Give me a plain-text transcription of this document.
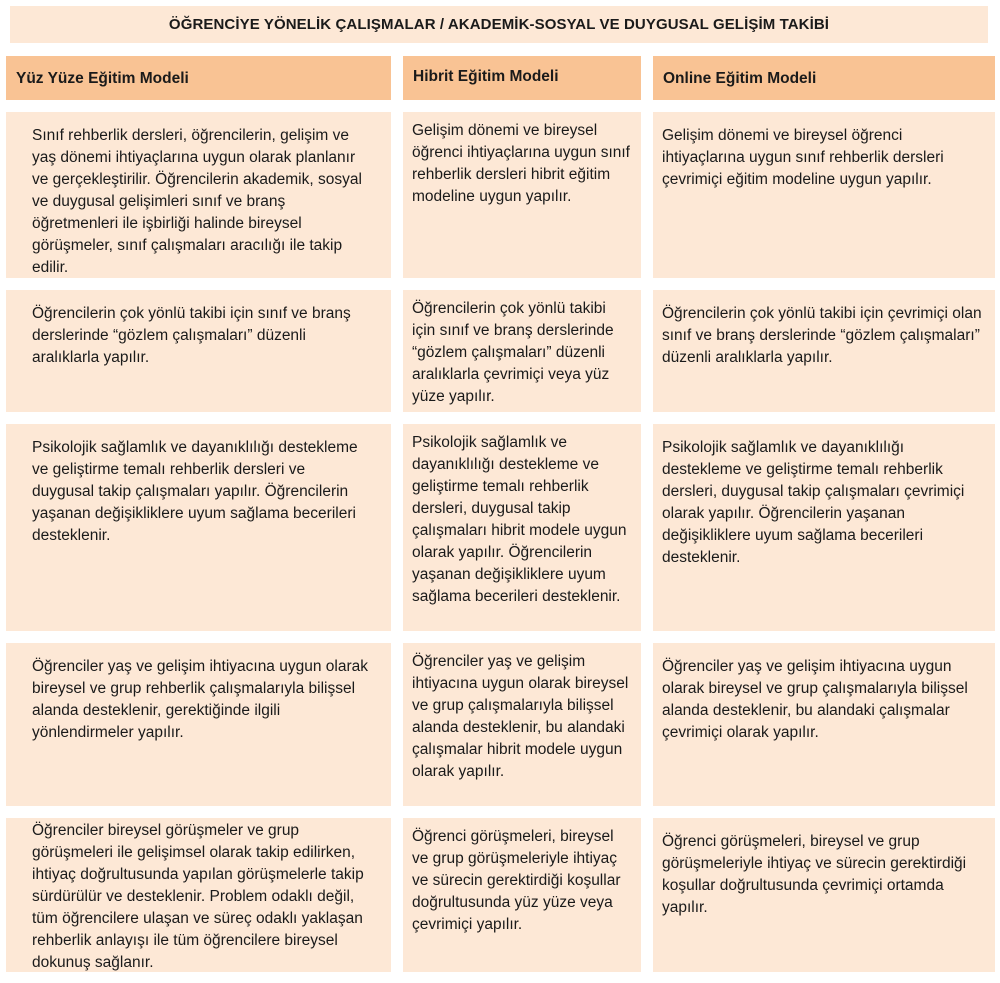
ÖĞRENCİYE YÖNELİK ÇALIŞMALAR / AKADEMİK-SOSYAL VE DUYGUSAL GELİŞİM TAKİBİ
Yüz Yüze Eğitim Modeli	Hibrit Eğitim Modeli	Online Eğitim Modeli

Sınıf rehberlik dersleri, öğrencilerin, gelişim ve yaş dönemi ihtiyaçlarına uygun olarak planlanır ve gerçekleştirilir. Öğrencilerin akademik, sosyal ve duygusal gelişimleri sınıf ve branş öğretmenleri ile işbirliği halinde bireysel görüşmeler, sınıf çalışmaları aracılığı ile takip edilir.

Gelişim dönemi ve bireysel öğrenci ihtiyaçlarına uygun sınıf rehberlik dersleri hibrit eğitim modeline uygun yapılır.

Gelişim dönemi ve bireysel öğrenci ihtiyaçlarına uygun sınıf rehberlik dersleri çevrimiçi eğitim modeline uygun yapılır.

Öğrencilerin çok yönlü takibi için sınıf ve branş derslerinde “gözlem çalışmaları” düzenli aralıklarla yapılır.

Öğrencilerin çok yönlü takibi için sınıf ve branş derslerinde “gözlem çalışmaları” düzenli aralıklarla çevrimiçi veya yüz yüze yapılır.

Öğrencilerin çok yönlü takibi için çevrimiçi olan sınıf ve branş derslerinde “gözlem çalışmaları” düzenli aralıklarla yapılır.

Psikolojik sağlamlık ve dayanıklılığı destekleme ve geliştirme temalı rehberlik dersleri ve duygusal takip çalışmaları yapılır. Öğrencilerin yaşanan değişikliklere uyum sağlama becerileri desteklenir.

Psikolojik sağlamlık ve dayanıklılığı destekleme ve geliştirme temalı rehberlik dersleri, duygusal takip çalışmaları hibrit modele uygun olarak yapılır. Öğrencilerin yaşanan değişikliklere uyum sağlama becerileri desteklenir.

Psikolojik sağlamlık ve dayanıklılığı destekleme ve geliştirme temalı rehberlik dersleri, duygusal takip çalışmaları çevrimiçi olarak yapılır. Öğrencilerin yaşanan değişikliklere uyum sağlama becerileri desteklenir.

Öğrenciler yaş ve gelişim ihtiyacına uygun olarak bireysel ve grup rehberlik çalışmalarıyla bilişsel alanda desteklenir, gerektiğinde ilgili yönlendirmeler yapılır.

Öğrenciler yaş ve gelişim ihtiyacına uygun olarak bireysel ve grup çalışmalarıyla bilişsel alanda desteklenir, bu alandaki çalışmalar hibrit modele uygun olarak yapılır.

Öğrenciler yaş ve gelişim ihtiyacına uygun olarak bireysel ve grup çalışmalarıyla bilişsel alanda desteklenir, bu alandaki çalışmalar çevrimiçi olarak yapılır.

Öğrenciler bireysel görüşmeler ve grup görüşmeleri ile gelişimsel olarak takip edilirken, ihtiyaç doğrultusunda yapılan görüşmelerle takip sürdürülür ve desteklenir. Problem odaklı değil, tüm öğrencilere ulaşan ve süreç odaklı yaklaşan rehberlik anlayışı ile tüm öğrencilere bireysel dokunuş sağlanır.

Öğrenci görüşmeleri, bireysel ve grup görüşmeleriyle ihtiyaç ve sürecin gerektirdiği koşullar doğrultusunda yüz yüze veya çevrimiçi yapılır.

Öğrenci görüşmeleri, bireysel ve grup görüşmeleriyle ihtiyaç ve sürecin gerektirdiği koşullar doğrultusunda çevrimiçi ortamda yapılır.
